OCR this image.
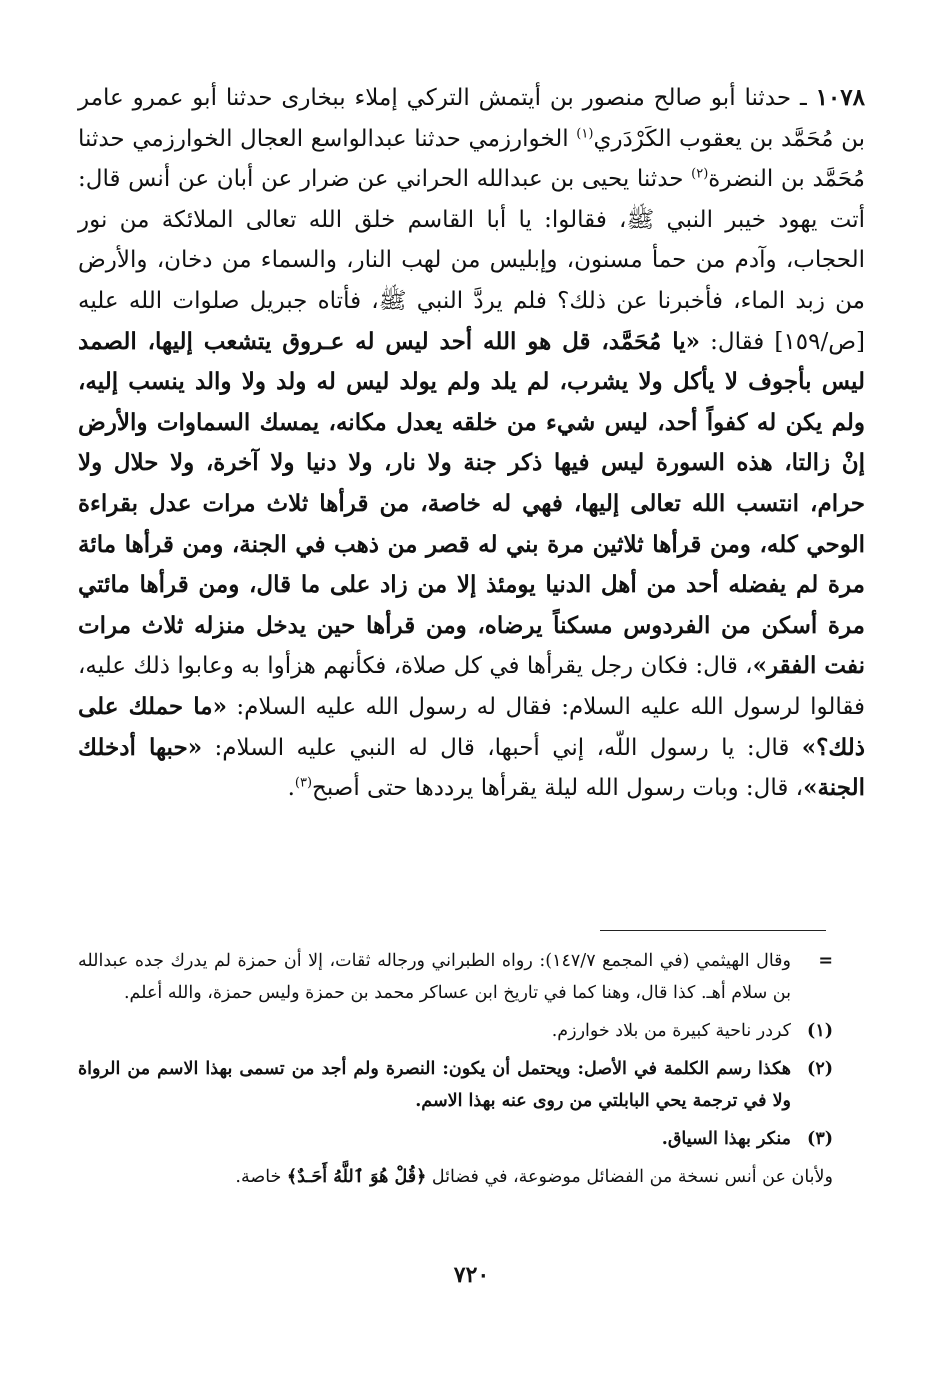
١٠٧٨ ـ حدثنا أبو صالح منصور بن أيتمش التركي إملاء ببخارى حدثنا أبو عمرو عامر بن مُحَمَّد بن يعقوب الكَرْدَري$^{(١)}$ الخوارزمي حدثنا عبدالواسع العجال الخوارزمي حدثنا مُحَمَّد بن النضرة$^{(٢)}$ حدثنا يحيى بن عبدالله الحراني عن ضرار عن أبان عن أنس قال: أتت يهود خيبر النبي ﷺ، فقالوا: يا أبا القاسم خلق الله تعالى الملائكة من نور الحجاب، وآدم من حمأ مسنون، وإبليس من لهب النار، والسماء من دخان، والأرض من زبد الماء، فأخبرنا عن ذلك؟ فلم يردَّ النبي ﷺ، فأتاه جبريل صلوات الله عليه [ص/١٥٩] فقال: «يا مُحَمَّد، قل هو الله أحد ليس له عـروق يتشعب إليها، الصمد ليس بأجوف لا يأكل ولا يشرب، لم يلد ولم يولد ليس له ولد ولا والد ينسب إليه، ولم يكن له كفواً أحد، ليس شيء من خلقه يعدل مكانه، يمسك السماوات والأرض إنْ زالتا، هذه السورة ليس فيها ذكر جنة ولا نار، ولا دنيا ولا آخرة، ولا حلال ولا حرام، انتسب الله تعالى إليها، فهي له خاصة، من قرأها ثلاث مرات عدل بقراءة الوحي كله، ومن قرأها ثلاثين مرة بني له قصر من ذهب في الجنة، ومن قرأها مائة مرة لم يفضله أحد من أهل الدنيا يومئذ إلا من زاد على ما قال، ومن قرأها مائتي مرة أسكن من الفردوس مسكناً يرضاه، ومن قرأها حين يدخل منزله ثلاث مرات نفت الفقر»، قال: فكان رجل يقرأها في كل صلاة، فكأنهم هزأوا به وعابوا ذلك عليه، فقالوا لرسول الله عليه السلام: فقال له رسول الله عليه السلام: «ما حملك على ذلك؟» قال: يا رسول اللّه، إني أحبها، قال له النبي عليه السلام: «حبها أدخلك الجنة»، قال: وبات رسول الله ليلة يقرأها يرددها حتى أصبح$^{(٣)}$.

=
وقال الهيثمي (في المجمع ١٤٧/٧): رواه الطبراني ورجاله ثقات، إلا أن حمزة لم يدرك جده عبدالله بن سلام أهـ. كذا قال، وهنا كما في تاريخ ابن عساكر محمد بن حمزة وليس حمزة، والله أعلم.
(١)
كردر ناحية كبيرة من بلاد خوارزم.
(٢)
هكذا رسم الكلمة في الأصل: ويحتمل أن يكون: النصرة ولم أجد من تسمى بهذا الاسم من الرواة ولا في ترجمة يحي البابلتي من روى عنه بهذا الاسم.
(٣)
منكر بهذا السياق.

ولأبان عن أنس نسخة من الفضائل موضوعة، في فضائل ﴿قُلْ هُوَ ٱللَّهُ أَحَـدٌ﴾ خاصة.

٧٢٠
